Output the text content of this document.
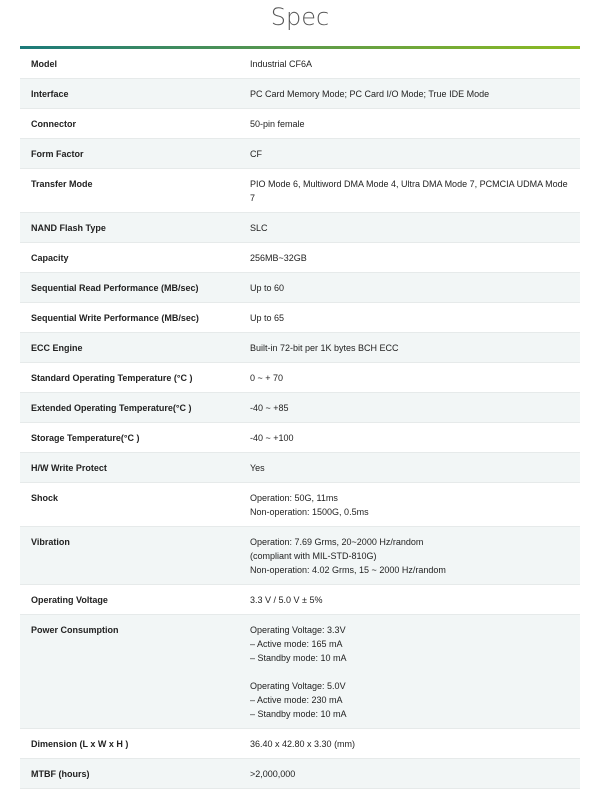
Spec
Model	Industrial CF6A
Interface	PC Card Memory Mode; PC Card I/O Mode; True IDE Mode
Connector	50-pin female
Form Factor	CF
Transfer Mode	PIO Mode 6, Multiword DMA Mode 4, Ultra DMA Mode 7, PCMCIA UDMA Mode 7
NAND Flash Type	SLC
Capacity	256MB~32GB
Sequential Read Performance (MB/sec)	Up to 60
Sequential Write Performance (MB/sec)	Up to 65
ECC Engine	Built-in 72-bit per 1K bytes BCH ECC
Standard Operating Temperature (°C )	0 ~ + 70
Extended Operating Temperature(°C )	-40 ~ +85
Storage Temperature(°C )	-40 ~ +100
H/W Write Protect	Yes
Shock	Operation: 50G, 11ms
Non-operation: 1500G, 0.5ms
Vibration	Operation: 7.69 Grms, 20~2000 Hz/random
(compliant with MIL-STD-810G)
Non-operation: 4.02 Grms, 15 ~ 2000 Hz/random
Operating Voltage	3.3 V / 5.0 V ± 5%
Power Consumption	Operating Voltage: 3.3V
– Active mode: 165 mA
– Standby mode: 10 mA

Operating Voltage: 5.0V
– Active mode: 230 mA
– Standby mode: 10 mA
Dimension (L x W x H )	36.40 x 42.80 x 3.30 (mm)
MTBF (hours)	>2,000,000
